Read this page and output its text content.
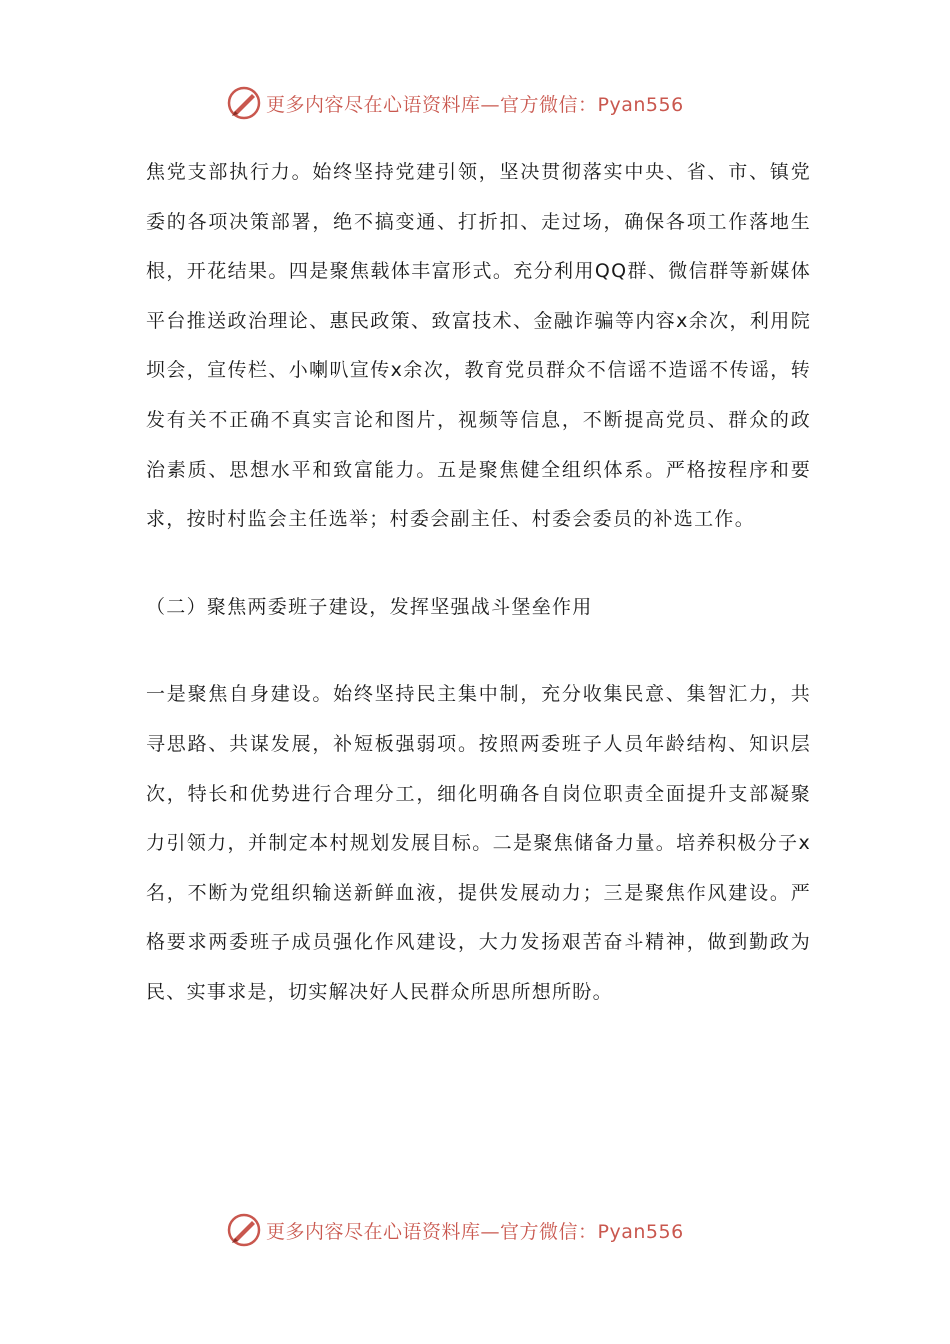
更多内容尽在心语资料库—官方微信：Pyan556

焦党支部执行力。始终坚持党建引领，坚决贯彻落实中央、省、市、镇党委的各项决策部署，绝不搞变通、打折扣、走过场，确保各项工作落地生根，开花结果。四是聚焦载体丰富形式。充分利用QQ群、微信群等新媒体平台推送政治理论、惠民政策、致富技术、金融诈骗等内容x余次，利用院坝会，宣传栏、小喇叭宣传x余次，教育党员群众不信谣不造谣不传谣，转发有关不正确不真实言论和图片，视频等信息，不断提高党员、群众的政治素质、思想水平和致富能力。五是聚焦健全组织体系。严格按程序和要求，按时村监会主任选举；村委会副主任、村委会委员的补选工作。

（二）聚焦两委班子建设，发挥坚强战斗堡垒作用

一是聚焦自身建设。始终坚持民主集中制，充分收集民意、集智汇力，共寻思路、共谋发展，补短板强弱项。按照两委班子人员年龄结构、知识层次，特长和优势进行合理分工，细化明确各自岗位职责全面提升支部凝聚力引领力，并制定本村规划发展目标。二是聚焦储备力量。培养积极分子x名，不断为党组织输送新鲜血液，提供发展动力；三是聚焦作风建设。严格要求两委班子成员强化作风建设，大力发扬艰苦奋斗精神，做到勤政为民、实事求是，切实解决好人民群众所思所想所盼。

更多内容尽在心语资料库—官方微信：Pyan556
